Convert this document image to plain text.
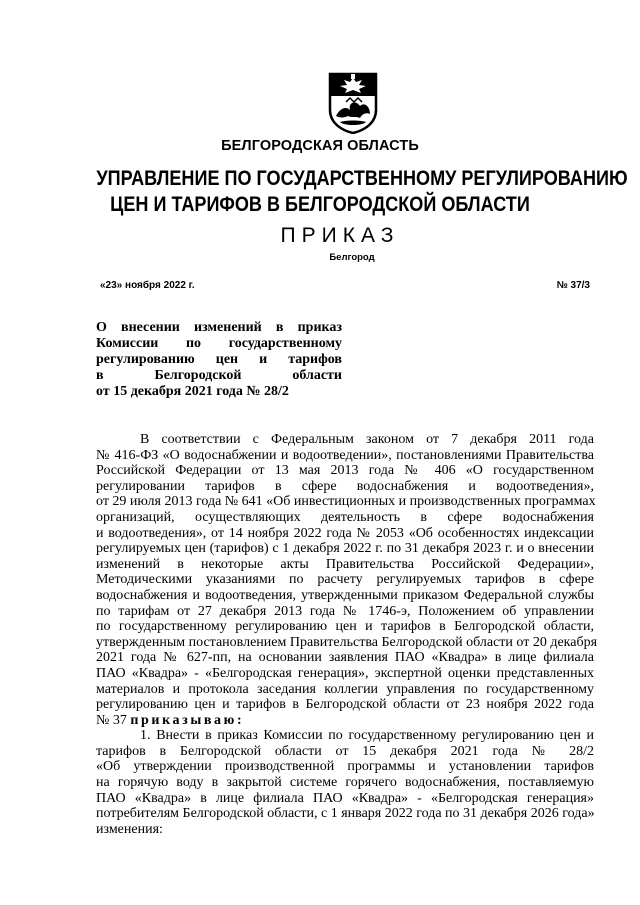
БЕЛГОРОДСКАЯ ОБЛАСТЬ
УПРАВЛЕНИЕ ПО ГОСУДАРСТВЕННОМУ РЕГУЛИРОВАНИЮ
ЦЕН И ТАРИФОВ В БЕЛГОРОДСКОЙ ОБЛАСТИ
ПРИКАЗ
Белгород
«23» ноября 2022 г.	№ 37/3
О внесении изменений в приказ
Комиссии по государственному
регулированию цен и тарифов
в Белгородской области
от 15 декабря 2021 года № 28/2
В соответствии с Федеральным законом от 7 декабря 2011 года
№ 416-ФЗ «О водоснабжении и водоотведении», постановлениями Правительства
Российской Федерации от 13 мая 2013 года № 406 «О государственном
регулировании тарифов в сфере водоснабжения и водоотведения»,
от 29 июля 2013 года № 641 «Об инвестиционных и производственных программах
организаций, осуществляющих деятельность в сфере водоснабжения
и водоотведения», от 14 ноября 2022 года № 2053 «Об особенностях индексации
регулируемых цен (тарифов) с 1 декабря 2022 г. по 31 декабря 2023 г. и о внесении
изменений в некоторые акты Правительства Российской Федерации»,
Методическими указаниями по расчету регулируемых тарифов в сфере
водоснабжения и водоотведения, утвержденными приказом Федеральной службы
по тарифам от 27 декабря 2013 года № 1746-э, Положением об управлении
по государственному регулированию цен и тарифов в Белгородской области,
утвержденным постановлением Правительства Белгородской области от 20 декабря
2021 года № 627-пп, на основании заявления ПАО «Квадра» в лице филиала
ПАО «Квадра» - «Белгородская генерация», экспертной оценки представленных
материалов и протокола заседания коллегии управления по государственному
регулированию цен и тарифов в Белгородской области от 23 ноября 2022 года
№ 37 приказываю:
1. Внести в приказ Комиссии по государственному регулированию цен и
тарифов в Белгородской области от 15 декабря 2021 года № 28/2
«Об утверждении производственной программы и установлении тарифов
на горячую воду в закрытой системе горячего водоснабжения, поставляемую
ПАО «Квадра» в лице филиала ПАО «Квадра» - «Белгородская генерация»
потребителям Белгородской области, с 1 января 2022 года по 31 декабря 2026 года»
изменения:
